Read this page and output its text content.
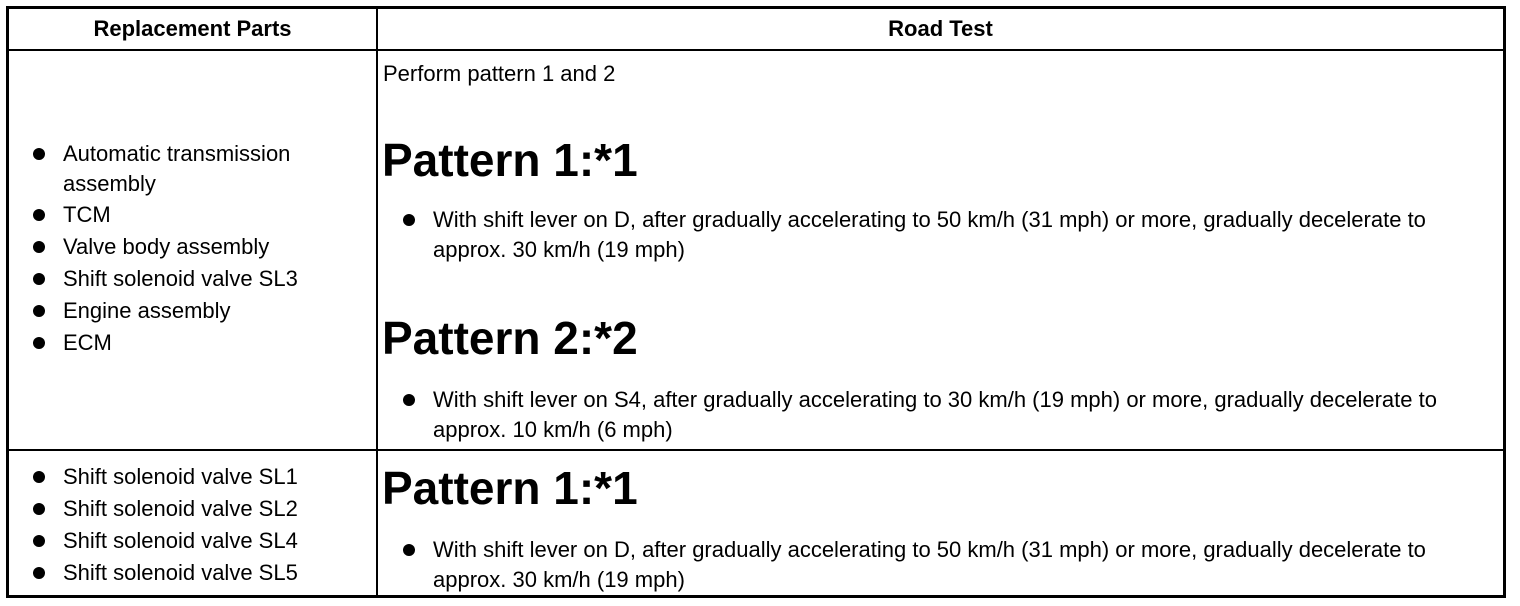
Replacement Parts	Road Test
Automatic transmission assembly
TCM
Valve body assembly
Shift solenoid valve SL3
Engine assembly
ECM
Perform pattern 1 and 2
Pattern 1:*1
With shift lever on D, after gradually accelerating to 50 km/h (31 mph) or more, gradually decelerate to approx. 30 km/h (19 mph)
Pattern 2:*2
With shift lever on S4, after gradually accelerating to 30 km/h (19 mph) or more, gradually decelerate to approx. 10 km/h (6 mph)
Shift solenoid valve SL1
Shift solenoid valve SL2
Shift solenoid valve SL4
Shift solenoid valve SL5
Pattern 1:*1
With shift lever on D, after gradually accelerating to 50 km/h (31 mph) or more, gradually decelerate to approx. 30 km/h (19 mph)
